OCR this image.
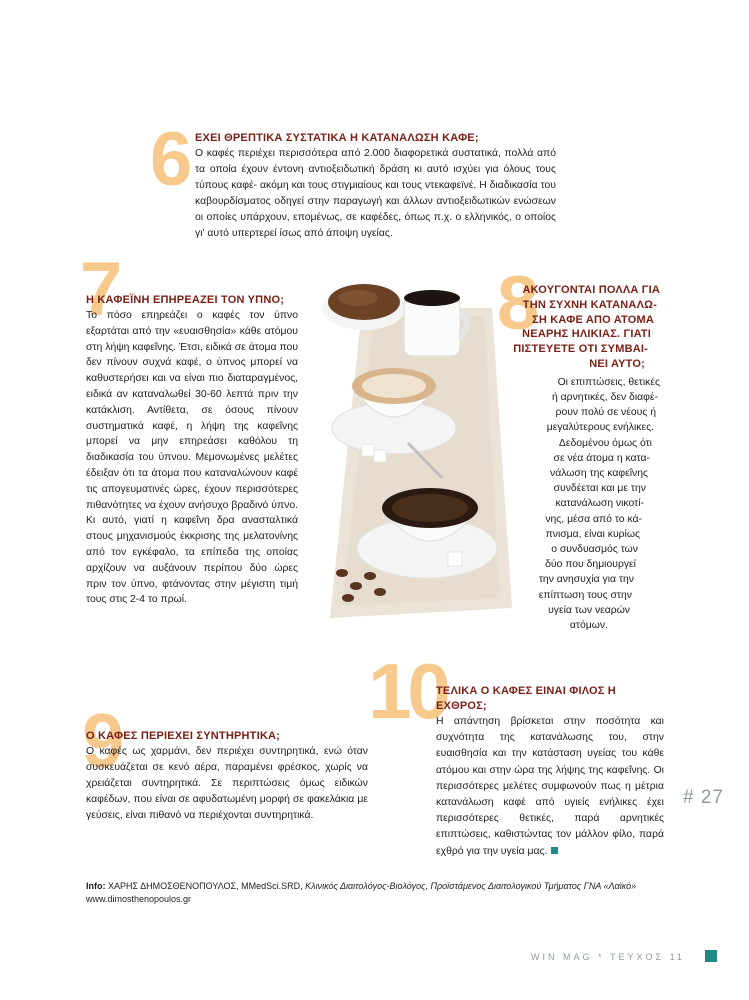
6 ΕΧΕΙ ΘΡΕΠΤΙΚΑ ΣΥΣΤΑΤΙΚΑ Η ΚΑΤΑΝΑΛΩΣΗ ΚΑΦΕ;

Ο καφές περιέχει περισσότερα από 2.000 διαφορετικά συστατικά, πολλά από τα οποία έχουν έντονη αντιοξειδωτική δράση κι αυτό ισχύει για όλους τους τύπους καφέ- ακόμη και τους στιγμιαίους και τους ντεκαφεϊνέ. Η διαδικασία του καβουρδίσματος οδηγεί στην παραγωγή και άλλων αντιοξειδωτικών ενώσεων οι οποίες υπάρχουν, επομένως, σε καφέδες, όπως π.χ. ο ελληνικός, ο οποίος γι' αυτό υπερτερεί ίσως από άποψη υγείας.

7
Η ΚΑΦΕΪΝΗ ΕΠΗΡΕΑΖΕΙ ΤΟΝ ΥΠΝΟ;

Το πόσο επηρεάζει ο καφές τον ύπνο εξαρτάται από την «ευαισθησία» κάθε ατόμου στη λήψη καφεΐνης. Έτσι, ειδικά σε άτομα που δεν πίνουν συχνά καφέ, ο ύπνος μπορεί να καθυστερήσει και να είναι πιο διαταραγμένος, ειδικά αν καταναλωθεί 30-60 λεπτά πριν την κατάκλιση. Αντίθετα, σε όσους πίνουν συστηματικά καφέ, η λήψη της καφεΐνης μπορεί να μην επηρεάσει καθόλου τη διαδικασία του ύπνου. Μεμονωμένες μελέτες έδειξαν ότι τα άτομα που καταναλώνουν καφέ τις απογευματινές ώρες, έχουν περισσότερες πιθανότητες να έχουν ανήσυχο βραδινό ύπνο. Κι αυτό, γιατί η καφεΐνη δρα ανασταλτικά στους μηχανισμούς έκκρισης της μελατονίνης από τον εγκέφαλο, τα επίπεδα της οποίας αρχίζουν να αυξάνουν περίπου δύο ώρες πριν τον ύπνο, φτάνοντας στην μέγιστη τιμή τους στις 2-4 το πρωί.

8
ΑΚΟΥΓΟΝΤΑΙ ΠΟΛΛΑ ΓΙΑ
ΤΗΝ ΣΥΧΝΗ ΚΑΤΑΝΑΛΩ-
ΣΗ ΚΑΦΕ ΑΠΟ ΑΤΟΜΑ
ΝΕΑΡΗΣ ΗΛΙΚΙΑΣ. ΓΙΑΤΙ
ΠΙΣΤΕΥΕΤΕ ΟΤΙ ΣΥΜΒΑΙ-
ΝΕΙ ΑΥΤΟ;
Οι επιπτώσεις, θετικές
ή αρνητικές, δεν διαφέ-
ρουν πολύ σε νέους ή
μεγαλύτερους ενήλικες.
Δεδομένου όμως ότι
σε νέα άτομα η κατα-
νάλωση της καφεΐνης
συνδέεται και με την
κατανάλωση νικοτί-
νης, μέσα από το κά-
πνισμα, είναι κυρίως
ο συνδυασμός των
δύο που δημιουργεί
την ανησυχία για την
επίπτωση τους στην
υγεία των νεαρών
ατόμων.
10
ΤΕΛΙΚΑ Ο ΚΑΦΕΣ ΕΙΝΑΙ ΦΙΛΟΣ Η ΕΧΘΡΟΣ;

Η απάντηση βρίσκεται στην ποσότητα και συχνότητα της κατανάλωσης του, στην ευαισθησία και την κατάσταση υγείας του κάθε ατόμου και στην ώρα της λήψης της καφεΐνης. Οι περισσότερες μελέτες συμφωνούν πως η μέτρια κατανάλωση καφέ από υγιείς ενήλικες έχει περισσότερες θετικές, παρά αρνητικές επιπτώσεις, καθιστώντας τον μάλλον φίλο, παρά εχθρό για την υγεία μας.

9
Ο ΚΑΦΕΣ ΠΕΡΙΕΧΕΙ ΣΥΝΤΗΡΗΤΙΚΑ;

Ο καφές ως χαρμάνι, δεν περιέχει συντηρητικά, ενώ όταν συσκευάζεται σε κενό αέρα, παραμένει φρέσκος, χωρίς να χρειάζεται συντηρητικά. Σε περιπτώσεις όμως ειδικών καφέδων, που είναι σε αφυδατωμένη μορφή σε φακελάκια με γεύσεις, είναι πιθανό να περιέχονται συντηρητικά.

# 27
Info: ΧΑΡΗΣ ΔΗΜΟΣΘΕΝΟΠΟΥΛΟΣ, MMedSci.SRD, Κλινικός Διαιτολόγος-Βιολόγος, Προϊστάμενος Διαιτολογικού Τμήματος ΓΝΑ «Λαϊκό»
www.dimosthenopoulos.gr
WIN MAG * ΤΕΥΧΟΣ 11
